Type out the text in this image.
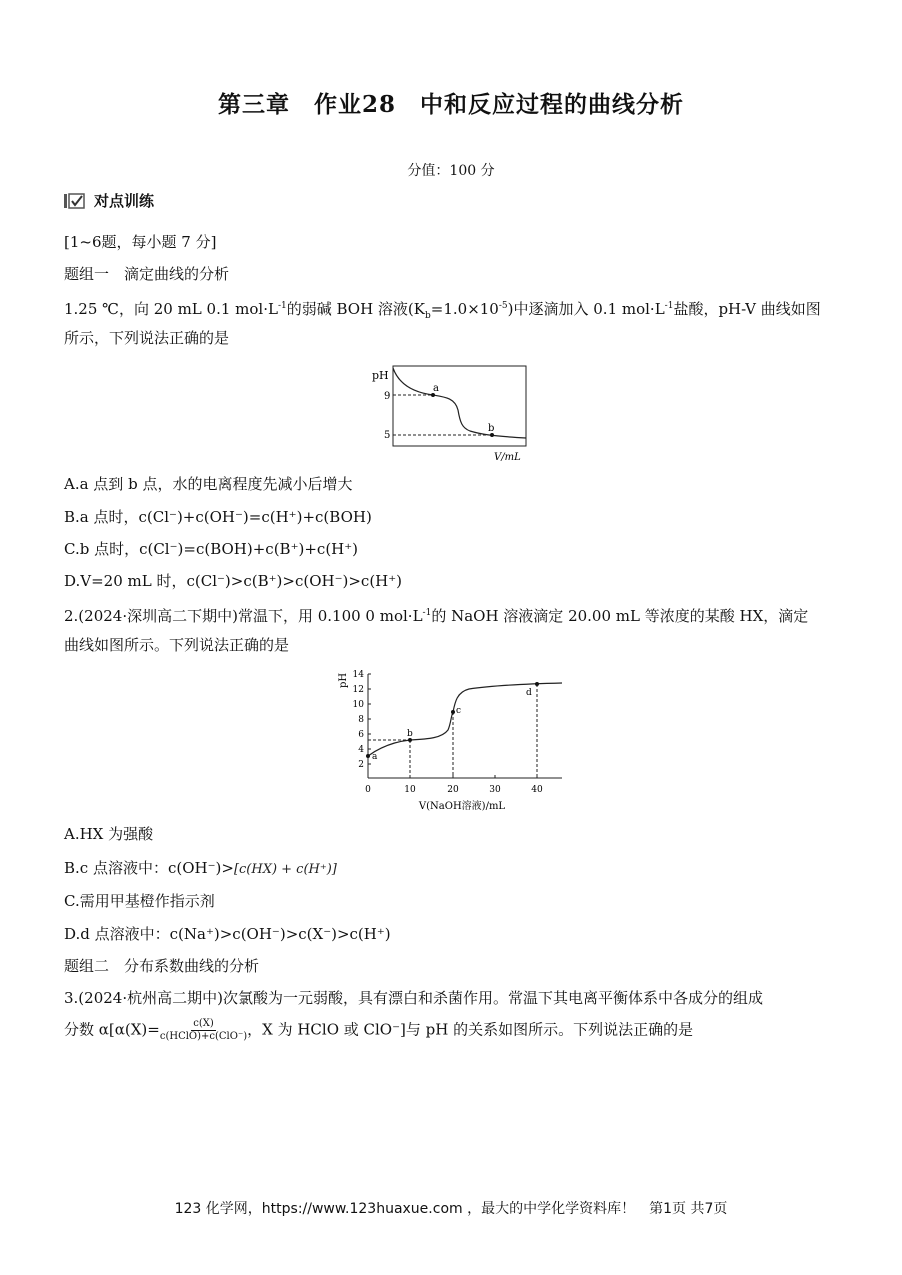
第三章　作业28　中和反应过程的曲线分析
分值：100 分
对点训练
[1~6题，每小题 7 分]
题组一　滴定曲线的分析
1.25 ℃，向 20 mL 0.1 $mol\cdot L^{-1}$的弱碱 BOH 溶液$(K_b=1.0\times 10^{-5})$中逐滴加入 0.1 $mol\cdot L^{-1}$盐酸，pH-V 曲线如图
所示，下列说法正确的是
pH
9
5
a
b
V/mL
A.a 点到 b 点，水的电离程度先减小后增大
B.a 点时，c(Cl⁻)+c(OH⁻)=c(H⁺)+c(BOH)
C.b 点时，c(Cl⁻)=c(BOH)+c(B⁺)+c(H⁺)
D.V=20 mL 时，c(Cl⁻)>c(B⁺)>c(OH⁻)>c(H⁺)
2.(2024·深圳高二下期中)常温下，用 0.100 0 $mol\cdot L^{-1}$的 NaOH 溶液滴定 20.00 mL 等浓度的某酸 HX，滴定
曲线如图所示。下列说法正确的是
pH 14
12
10
8
6
4
2
0	10	20	30	40
a
b
c
d
V(NaOH溶液)/mL
A.HX 为强酸
B.c 点溶液中：c(OH⁻)>[c(HX) + c(H⁺)]
C.需用甲基橙作指示剂
D.d 点溶液中：c(Na⁺)>c(OH⁻)>c(X⁻)>c(H⁺)
题组二　分布系数曲线的分析
3.(2024·杭州高二期中)次氯酸为一元弱酸，具有漂白和杀菌作用。常温下其电离平衡体系中各成分的组成
分数 $\alpha[\alpha(X)= \frac{c(X)}{\text{c(HClO)+c(ClO⁻)}}$ ，X 为 HClO 或 ClO⁻]与 pH 的关系如图所示。下列说法正确的是
123 化学网，https://www.123huaxue.com ，最大的中学化学资料库！　第1页 共7页
